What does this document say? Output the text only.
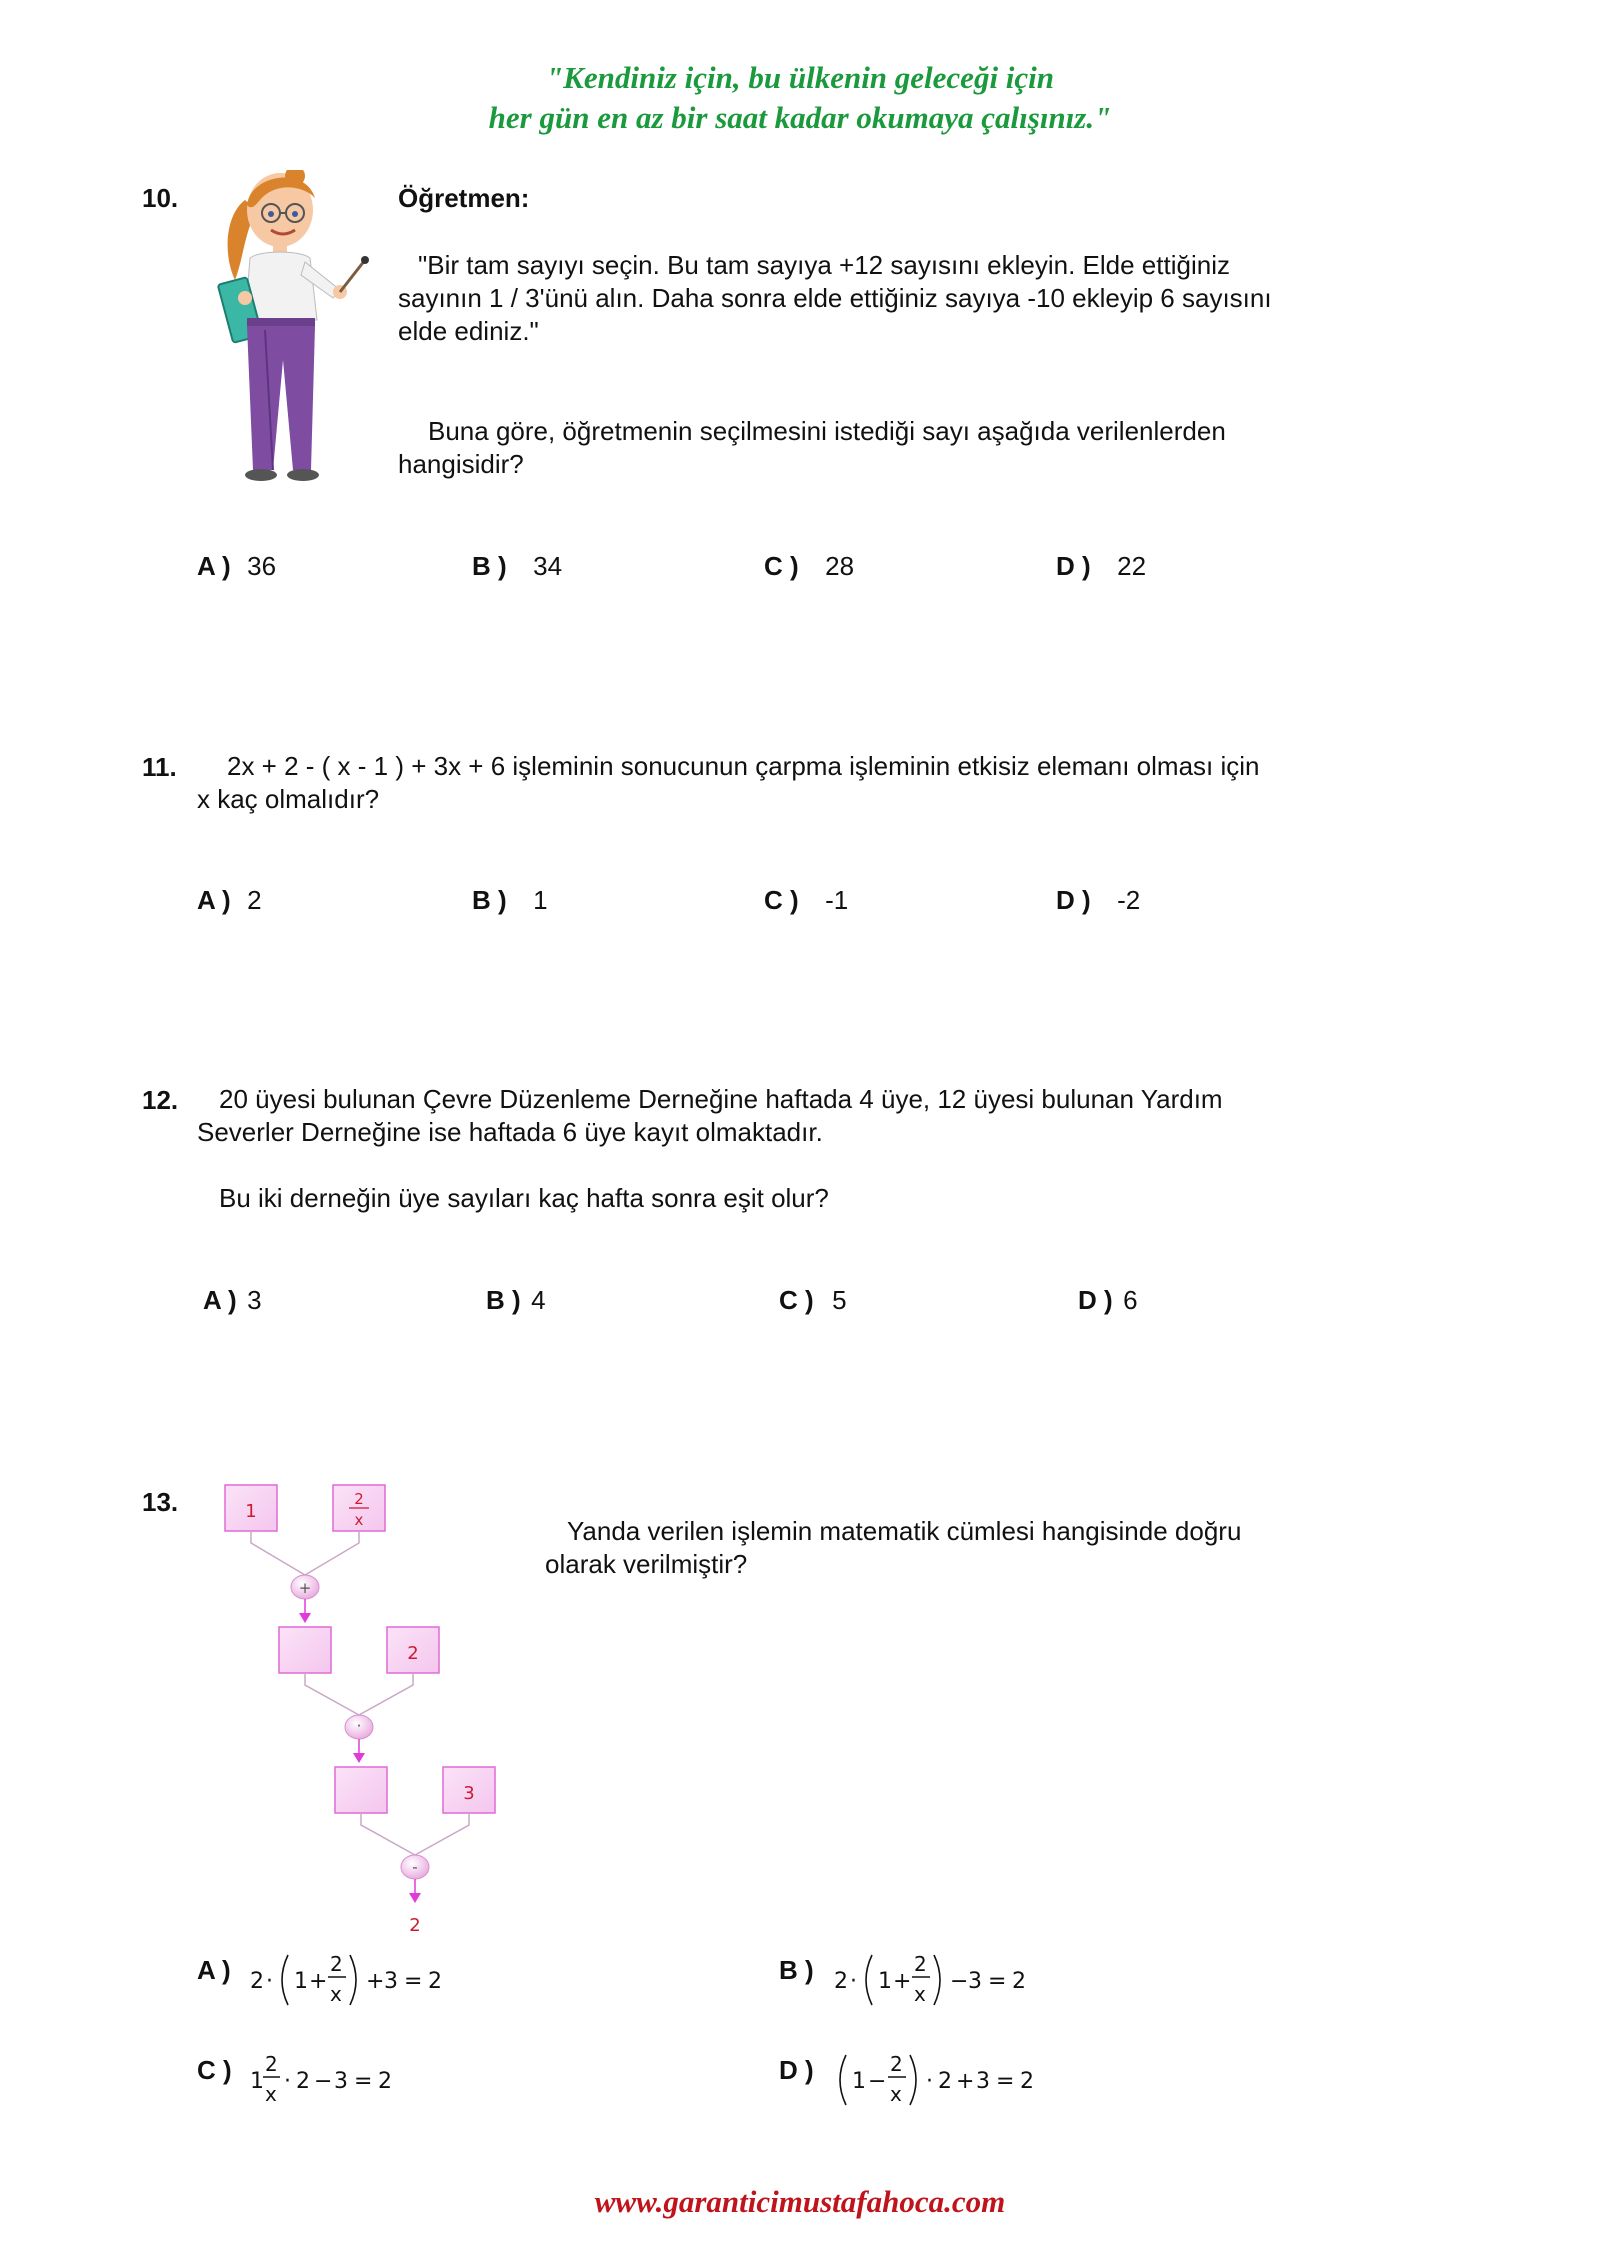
"Kendiniz için, bu ülkenin geleceği için
her gün en az bir saat kadar okumaya çalışınız."
10.	Öğretmen:
"Bir tam sayıyı seçin. Bu tam sayıya +12 sayısını ekleyin. Elde ettiğiniz
sayının 1 / 3'ünü alın. Daha sonra elde ettiğiniz sayıya -10 ekleyip 6 sayısını
elde ediniz."
Buna göre, öğretmenin seçilmesini istediği sayı aşağıda verilenlerden
hangisidir?
A ) 36	B ) 34	C ) 28	D ) 22
11.	2x + 2 - ( x - 1 ) + 3x + 6 işleminin sonucunun çarpma işleminin etkisiz elemanı olması için
x kaç olmalıdır?
A ) 2	B ) 1	C ) -1	D ) -2
12.	20 üyesi bulunan Çevre Düzenleme Derneğine haftada 4 üye, 12 üyesi bulunan Yardım
Severler Derneğine ise haftada 6 üye kayıt olmaktadır.
Bu iki derneğin üye sayıları kaç hafta sonra eşit olur?
A ) 3	B ) 4	C ) 5	D ) 6
13.	1
2
x
+
2
·
3
-
2
Yanda verilen işlemin matematik cümlesi hangisinde doğru
olarak verilmiştir?
A ) 2 · 1 +
2
x + 3 = 2	B ) 2 · 1 +
2
x − 3 = 2
C ) 1
2
x · 2 − 3 = 2	D ) 1 −
2
x · 2 + 3 = 2
www.garanticimustafahoca.com
